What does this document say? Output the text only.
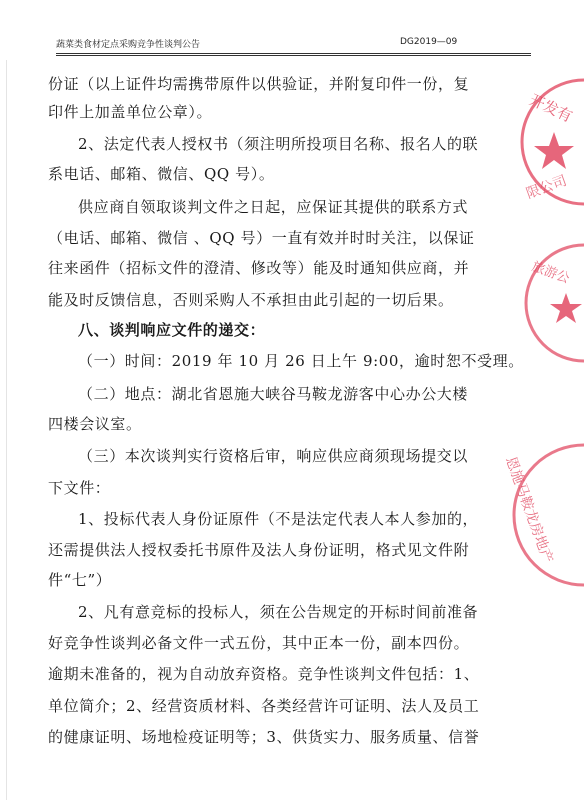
蔬菜类食材定点采购竞争性谈判公告	DG2019—09
份证（以上证件均需携带原件以供验证，并附复印件一份，复
印件上加盖单位公章）。
2、法定代表人授权书（须注明所投项目名称、报名人的联
系电话、邮箱、微信、QQ 号）。
供应商自领取谈判文件之日起，应保证其提供的联系方式
（电话、邮箱、微信 、QQ 号）一直有效并时时关注，以保证
往来函件（招标文件的澄清、修改等）能及时通知供应商，并
能及时反馈信息，否则采购人不承担由此引起的一切后果。
八、谈判响应文件的递交：
（一）时间：2019 年 10 月 26 日上午 9:00，逾时恕不受理。
（二）地点：湖北省恩施大峡谷马鞍龙游客中心办公大楼
四楼会议室。
（三）本次谈判实行资格后审，响应供应商须现场提交以
下文件：
1、投标代表人身份证原件（不是法定代表人本人参加的，
还需提供法人授权委托书原件及法人身份证明，格式见文件附
件“七”）
2、凡有意竞标的投标人，须在公告规定的开标时间前准备
好竞争性谈判必备文件一式五份，其中正本一份，副本四份。
逾期未准备的，视为自动放弃资格。竞争性谈判文件包括：1、
单位简介；2、经营资质材料、各类经营许可证明、法人及员工
的健康证明、场地检疫证明等；3、供货实力、服务质量、信誉
开发有
限公司
旅游公
恩施马鞍龙房地产
